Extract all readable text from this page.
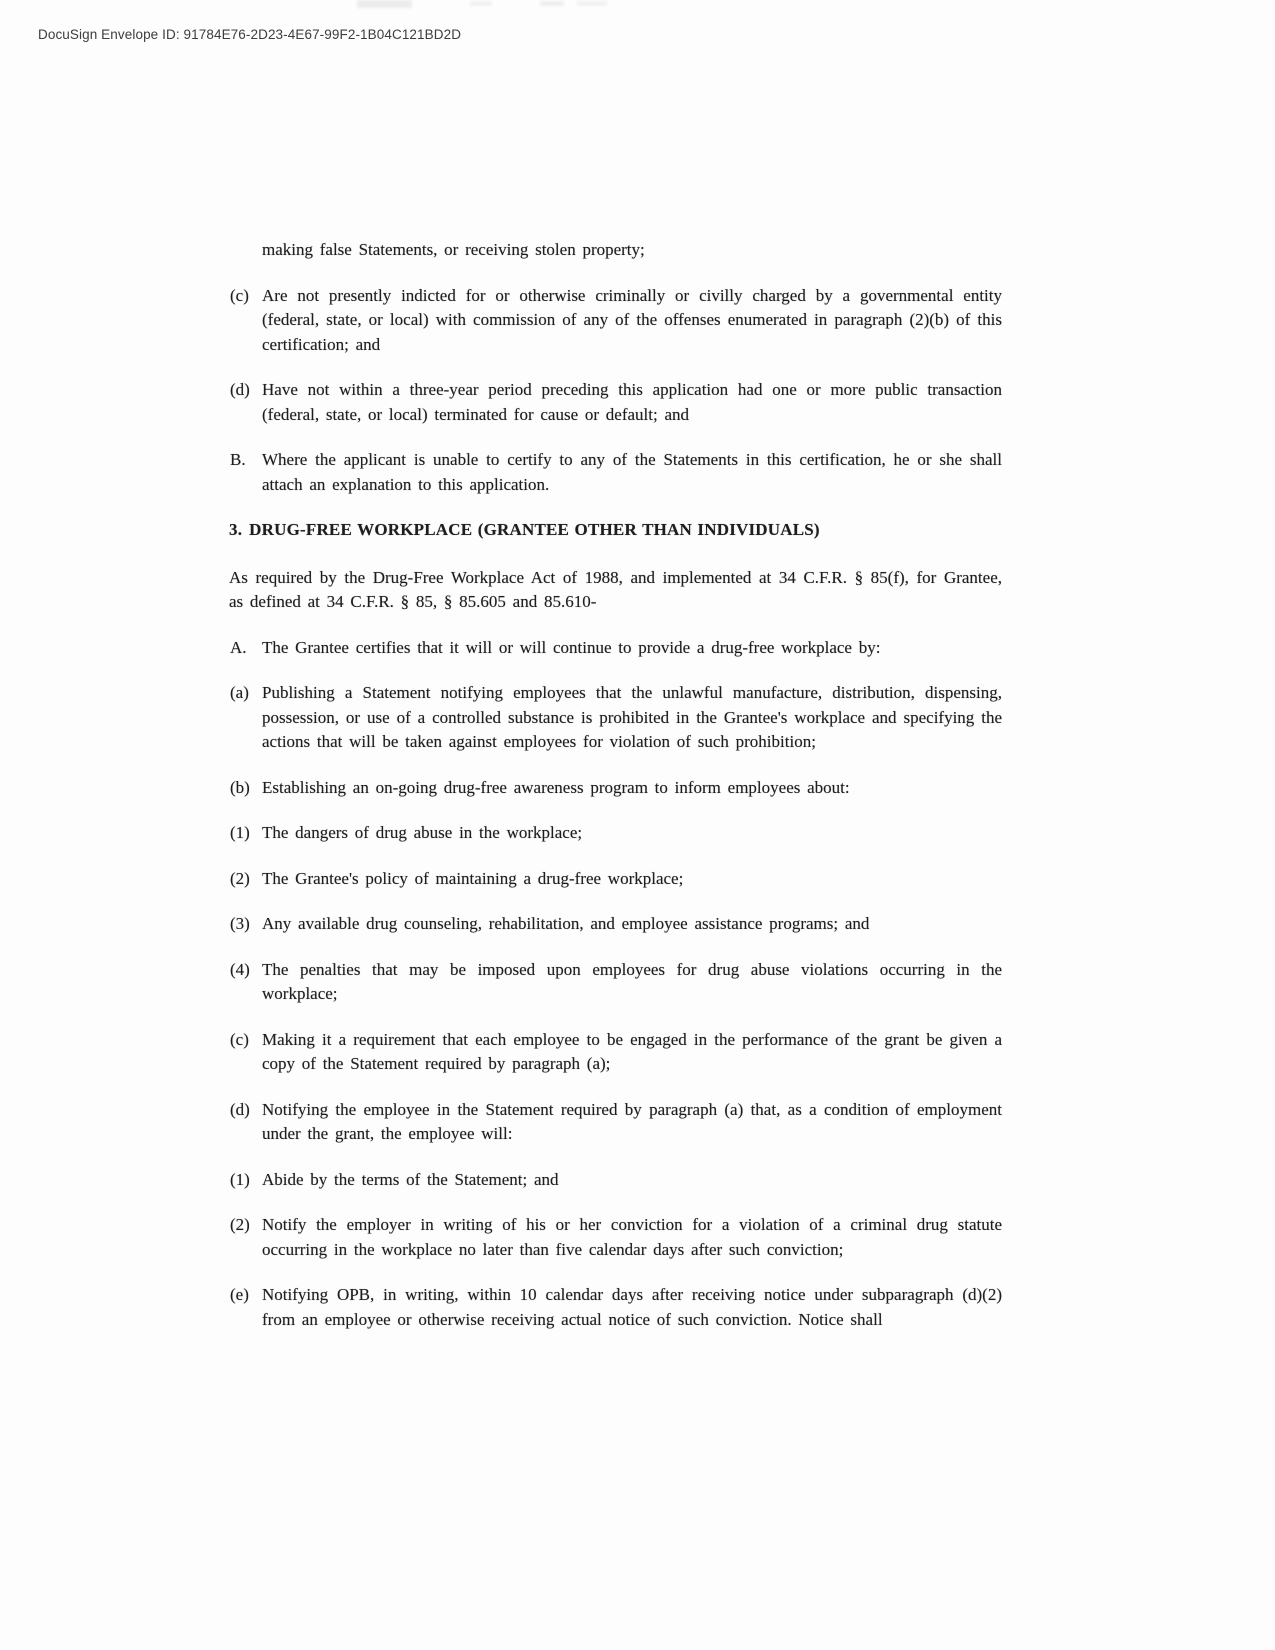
DocuSign Envelope ID: 91784E76-2D23-4E67-99F2-1B04C121BD2D
making false Statements, or receiving stolen property;
(c) Are not presently indicted for or otherwise criminally or civilly charged by a governmental entity (federal, state, or local) with commission of any of the offenses enumerated in paragraph (2)(b) of this certification; and
(d) Have not within a three-year period preceding this application had one or more public transaction (federal, state, or local) terminated for cause or default; and
B. Where the applicant is unable to certify to any of the Statements in this certification, he or she shall attach an explanation to this application.
3. DRUG-FREE WORKPLACE (GRANTEE OTHER THAN INDIVIDUALS)
As required by the Drug-Free Workplace Act of 1988, and implemented at 34 C.F.R. § 85(f), for Grantee, as defined at 34 C.F.R. § 85, § 85.605 and 85.610-
A. The Grantee certifies that it will or will continue to provide a drug-free workplace by:
(a) Publishing a Statement notifying employees that the unlawful manufacture, distribution, dispensing, possession, or use of a controlled substance is prohibited in the Grantee's workplace and specifying the actions that will be taken against employees for violation of such prohibition;
(b) Establishing an on-going drug-free awareness program to inform employees about:
(1) The dangers of drug abuse in the workplace;
(2) The Grantee's policy of maintaining a drug-free workplace;
(3) Any available drug counseling, rehabilitation, and employee assistance programs; and
(4) The penalties that may be imposed upon employees for drug abuse violations occurring in the workplace;
(c) Making it a requirement that each employee to be engaged in the performance of the grant be given a copy of the Statement required by paragraph (a);
(d) Notifying the employee in the Statement required by paragraph (a) that, as a condition of employment under the grant, the employee will:
(1) Abide by the terms of the Statement; and
(2) Notify the employer in writing of his or her conviction for a violation of a criminal drug statute occurring in the workplace no later than five calendar days after such conviction;
(e) Notifying OPB, in writing, within 10 calendar days after receiving notice under subparagraph (d)(2) from an employee or otherwise receiving actual notice of such conviction. Notice shall
